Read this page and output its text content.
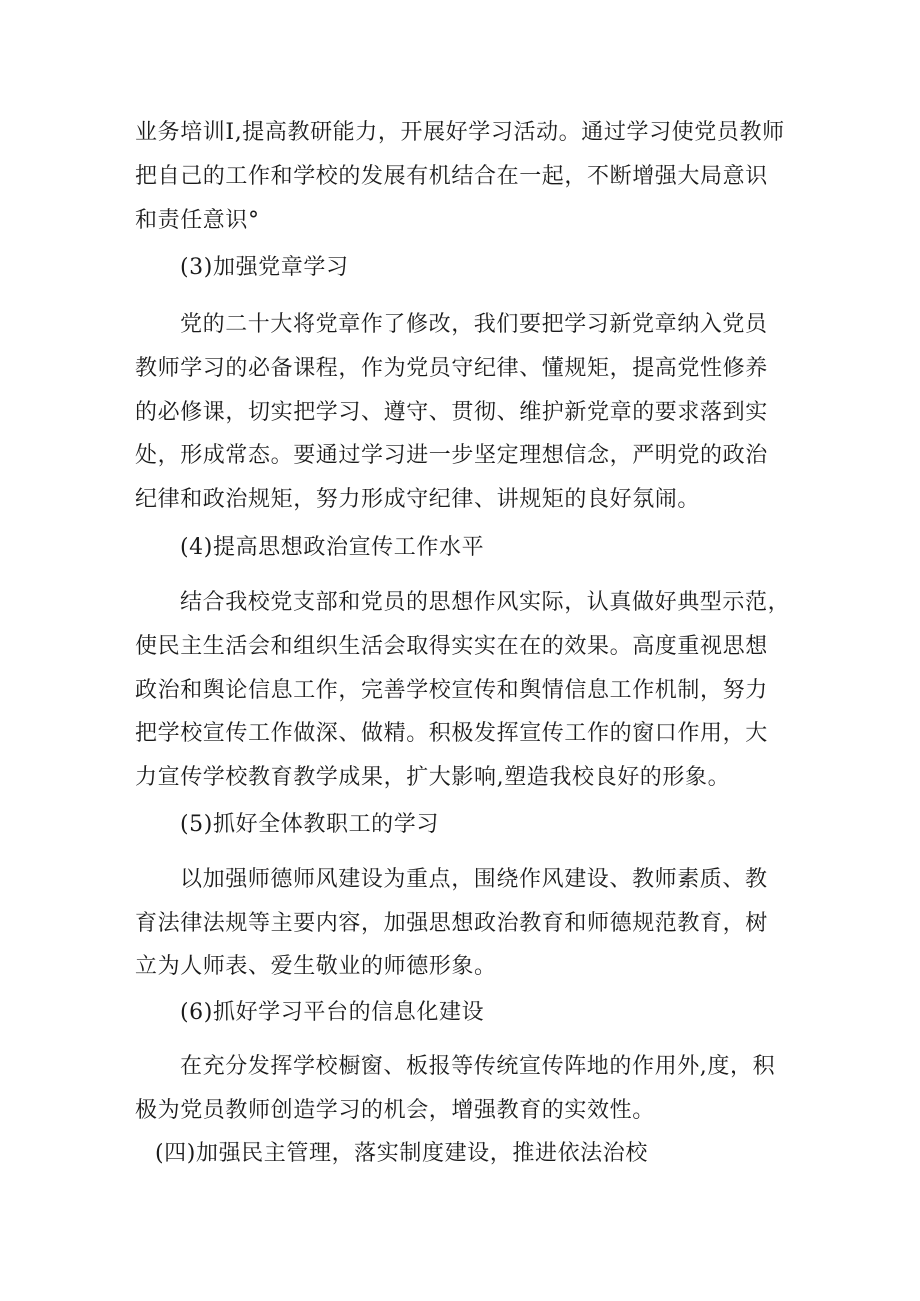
业务培训I,提高教研能力，开展好学习活动。通过学习使党员教师
把自己的工作和学校的发展有机结合在一起，不断增强大局意识
和责任意识°
(3)加强党章学习
党的二十大将党章作了修改，我们要把学习新党章纳入党员
教师学习的必备课程，作为党员守纪律、懂规矩，提高党性修养
的必修课，切实把学习、遵守、贯彻、维护新党章的要求落到实
处，形成常态。要通过学习进一步坚定理想信念，严明党的政治
纪律和政治规矩，努力形成守纪律、讲规矩的良好氛闹。
(4)提高思想政治宣传工作水平
结合我校党支部和党员的思想作风实际，认真做好典型示范，
使民主生活会和组织生活会取得实实在在的效果。高度重视思想
政治和舆论信息工作，完善学校宣传和舆情信息工作机制，努力
把学校宣传工作做深、做精。积极发挥宣传工作的窗口作用，大
力宣传学校教育教学成果，扩大影响,塑造我校良好的形象。
(5)抓好全体教职工的学习
以加强师德师风建设为重点，围绕作风建设、教师素质、教
育法律法规等主要内容，加强思想政治教育和师德规范教育，树
立为人师表、爱生敬业的师德形象。
(6)抓好学习平台的信息化建设
在充分发挥学校橱窗、板报等传统宣传阵地的作用外,度，积
极为党员教师创造学习的机会，增强教育的实效性。
(四)加强民主管理，落实制度建设，推进依法治校
